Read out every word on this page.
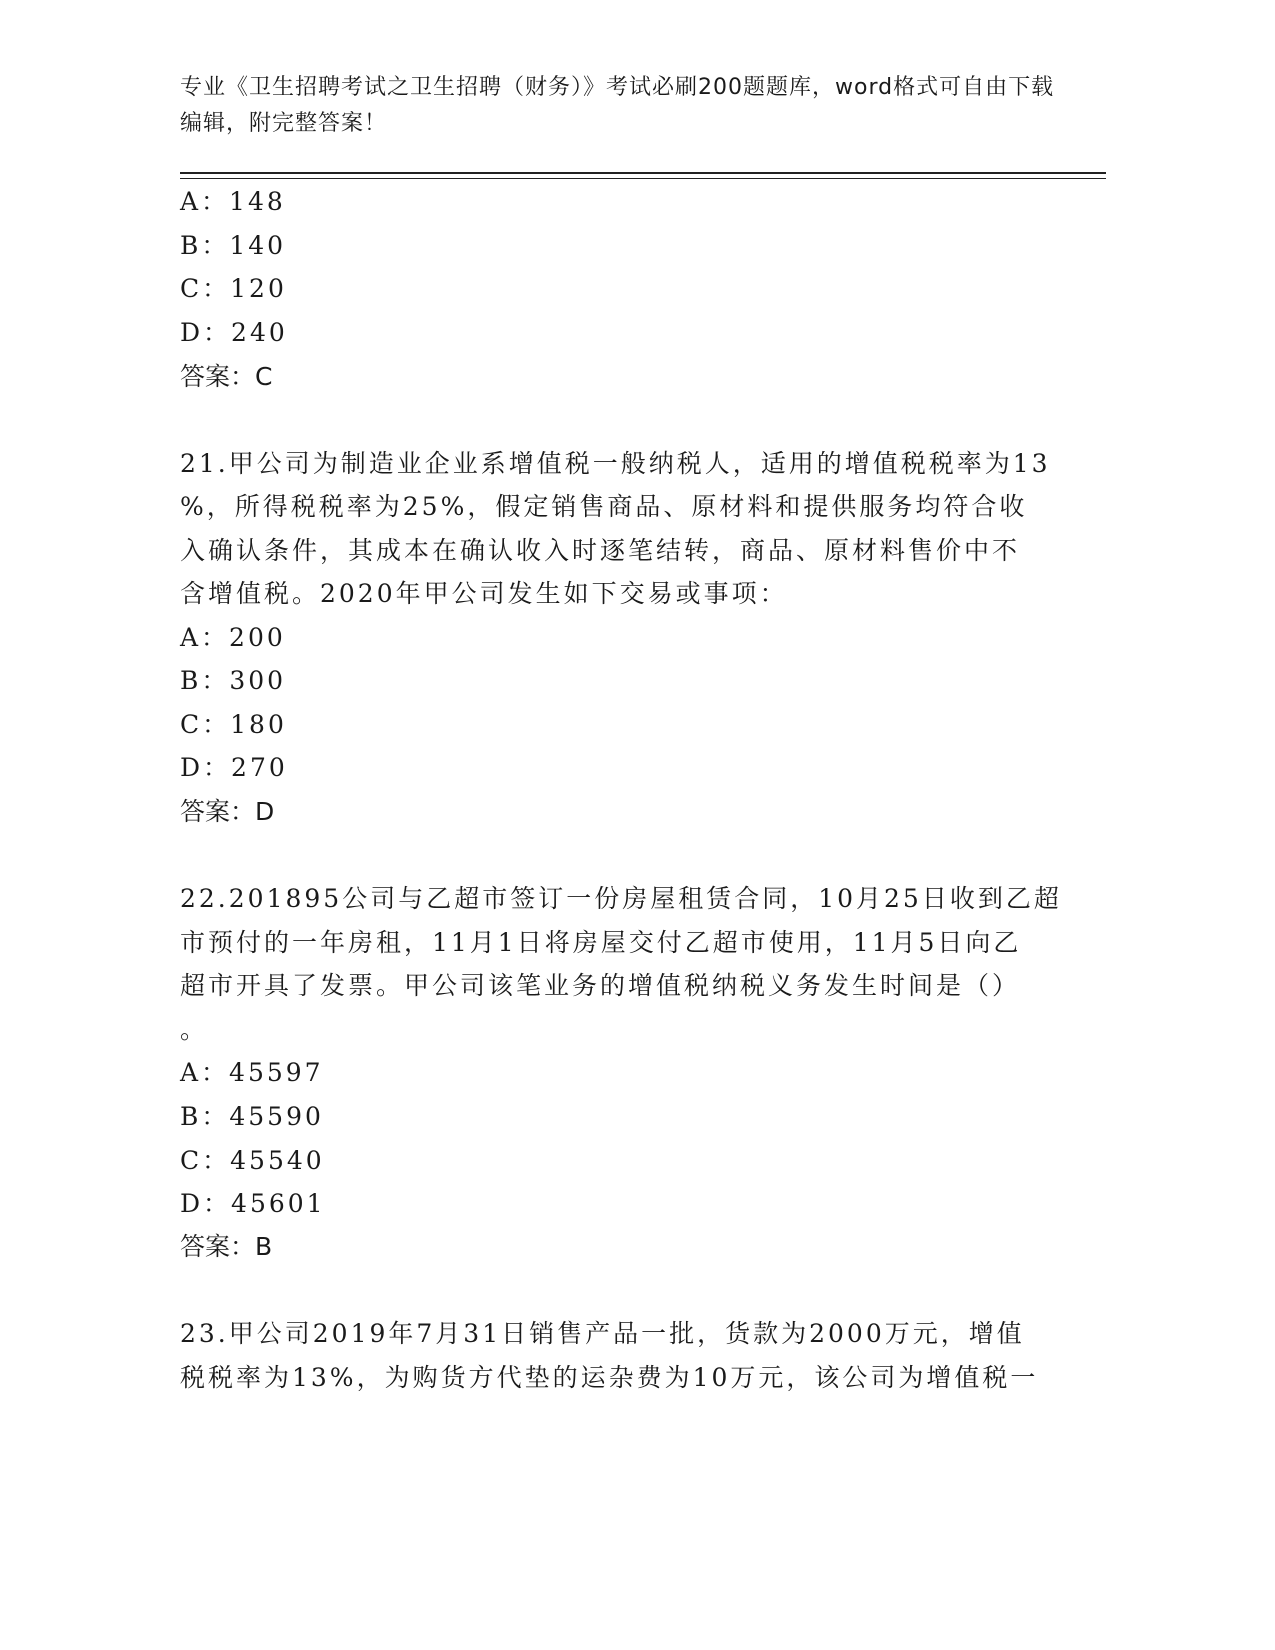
专业《卫生招聘考试之卫生招聘（财务）》考试必刷200题题库，word格式可自由下载编辑，附完整答案！
A：148
B：140
C：120
D：240
答案：C
21.甲公司为制造业企业系增值税一般纳税人，适用的增值税税率为13
%，所得税税率为25%，假定销售商品、原材料和提供服务均符合收
入确认条件，其成本在确认收入时逐笔结转，商品、原材料售价中不
含增值税。2020年甲公司发生如下交易或事项：
A：200
B：300
C：180
D：270
答案：D
22.201895公司与乙超市签订一份房屋租赁合同，10月25日收到乙超
市预付的一年房租，11月1日将房屋交付乙超市使用，11月5日向乙
超市开具了发票。甲公司该笔业务的增值税纳税义务发生时间是（）
。
A：45597
B：45590
C：45540
D：45601
答案：B
23.甲公司2019年7月31日销售产品一批，货款为2000万元，增值
税税率为13%，为购货方代垫的运杂费为10万元，该公司为增值税一
